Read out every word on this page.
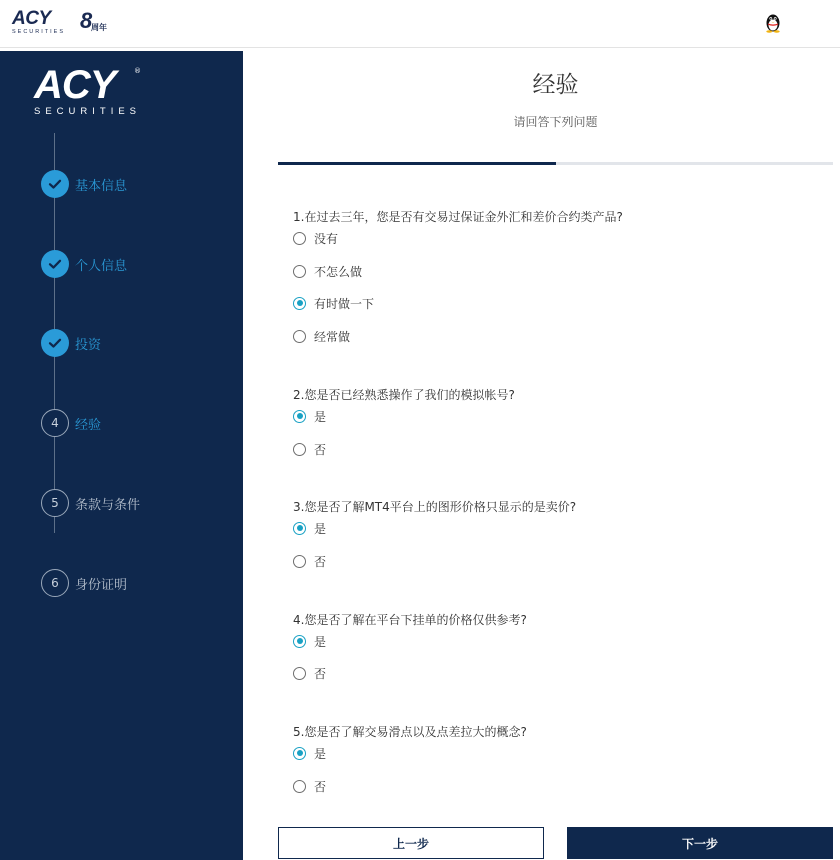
ACY
SECURITIES 8
周年
ACY	®
SECURITIES
基本信息
个人信息
投资
4	经验
5	条款与条件
6	身份证明
经验
请回答下列问题
1.在过去三年，您是否有交易过保证金外汇和差价合约类产品?
没有
不怎么做
有时做一下
经常做
2.您是否已经熟悉操作了我们的模拟帐号?
是
否
3.您是否了解MT4平台上的图形价格只显示的是卖价?
是
否
4.您是否了解在平台下挂单的价格仅供参考?
是
否
5.您是否了解交易滑点以及点差拉大的概念?
是
否
上一步	下一步
